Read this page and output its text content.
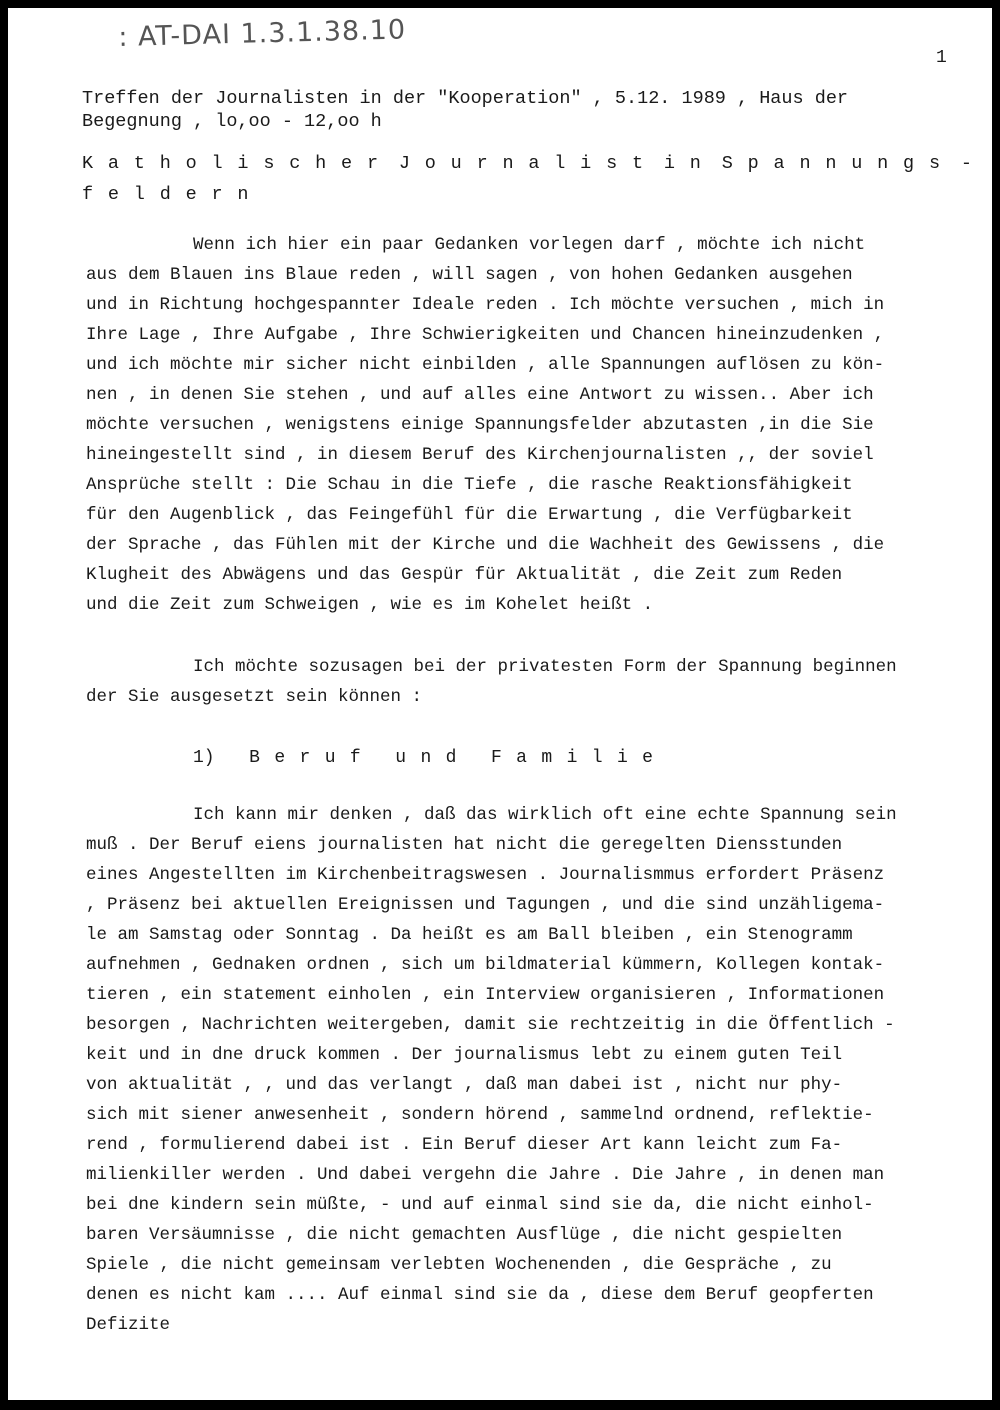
: AT-DAI 1.3.1.38.10
1
Treffen der Journalisten in der "Kooperation" , 5.12. 1989 , Haus der
Begegnung , lo,oo - 12,oo h
K  a  t  h  o  l  i  s  c  h  e  r J  o  u  r  n  a  l  i  s  t i  n S  p  a  n  n  u  n  g  s -
f  e  l  d  e  r  n
Wenn ich hier ein paar Gedanken vorlegen darf , möchte ich nicht
aus dem Blauen ins Blaue reden , will sagen , von hohen Gedanken ausgehen
und in Richtung hochgespannter Ideale reden . Ich möchte versuchen , mich in
Ihre Lage , Ihre Aufgabe , Ihre Schwierigkeiten und Chancen hineinzudenken ,
und ich möchte mir sicher nicht einbilden , alle Spannungen auflösen zu kön-
nen , in denen Sie stehen , und auf alles eine Antwort zu wissen.. Aber ich
möchte versuchen , wenigstens einige Spannungsfelder abzutasten ,in die Sie
hineingestellt sind , in diesem Beruf des Kirchenjournalisten ,, der soviel
Ansprüche stellt : Die Schau in die Tiefe , die rasche Reaktionsfähigkeit
für den Augenblick , das Feingefühl für die Erwartung , die Verfügbarkeit
der Sprache , das Fühlen mit der Kirche und die Wachheit des Gewissens , die
Klugheit des Abwägens und das Gespür für Aktualität , die Zeit zum Reden
und die Zeit zum Schweigen , wie es im Kohelet heißt .
Ich möchte sozusagen bei der privatesten Form der Spannung beginnen
der Sie ausgesetzt sein können :
1) B  e  r  u  f u  n  d F  a  m  i  l  i  e
Ich kann mir denken , daß das wirklich oft eine echte Spannung sein
muß . Der Beruf eiens journalisten hat nicht die geregelten Diensstunden
eines Angestellten im Kirchenbeitragswesen . Journalismmus erfordert Präsenz
, Präsenz bei aktuellen Ereignissen und Tagungen , und die sind unzähligema-
le am Samstag oder Sonntag . Da heißt es am Ball bleiben , ein Stenogramm
aufnehmen , Gednaken ordnen , sich um bildmaterial kümmern, Kollegen kontak-
tieren , ein statement einholen , ein Interview organisieren , Informationen
besorgen , Nachrichten weitergeben, damit sie rechtzeitig in die Öffentlich -
keit und in dne druck kommen . Der journalismus lebt zu einem guten Teil
von aktualität , , und das verlangt , daß man dabei ist , nicht nur phy-
sich mit siener anwesenheit , sondern hörend , sammelnd ordnend, reflektie-
rend , formulierend dabei ist . Ein Beruf dieser Art kann leicht zum Fa-
milienkiller werden . Und dabei vergehn die Jahre . Die Jahre , in denen man
bei dne kindern sein müßte, - und auf einmal sind sie da, die nicht einhol-
baren Versäumnisse , die nicht gemachten Ausflüge , die nicht gespielten
Spiele , die nicht gemeinsam verlebten Wochenenden , die Gespräche , zu
denen es nicht kam .... Auf einmal sind sie da , diese dem Beruf geopferten
Defizite
